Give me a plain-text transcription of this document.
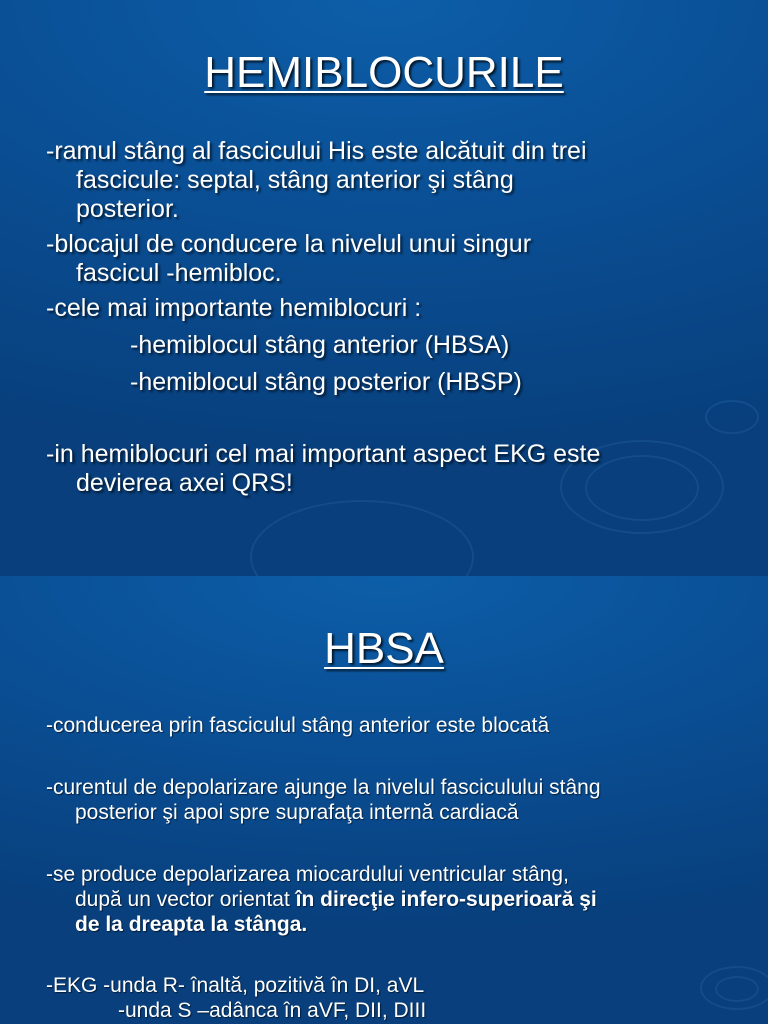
HEMIBLOCURILE
-ramul stâng al fascicului His este alcătuit din trei
fascicule: septal, stâng anterior şi stâng
posterior.
-blocajul de conducere la nivelul unui singur
fascicul -hemibloc.
-cele mai importante hemiblocuri :
-hemiblocul stâng anterior (HBSA)
-hemiblocul stâng posterior (HBSP)
-in hemiblocuri cel mai important aspect EKG este
devierea axei QRS!
HBSA
-conducerea prin fasciculul stâng anterior este blocată
-curentul de depolarizare ajunge la nivelul fasciculului stâng
posterior şi apoi spre suprafaţa internă cardiacă
-se produce depolarizarea miocardului ventricular stâng,
după un vector orientat în direcţie infero-superioară şi
de la dreapta la stânga.
-EKG -unda R- înaltă, pozitivă în DI, aVL
-unda S –adânca în aVF, DII, DIII
